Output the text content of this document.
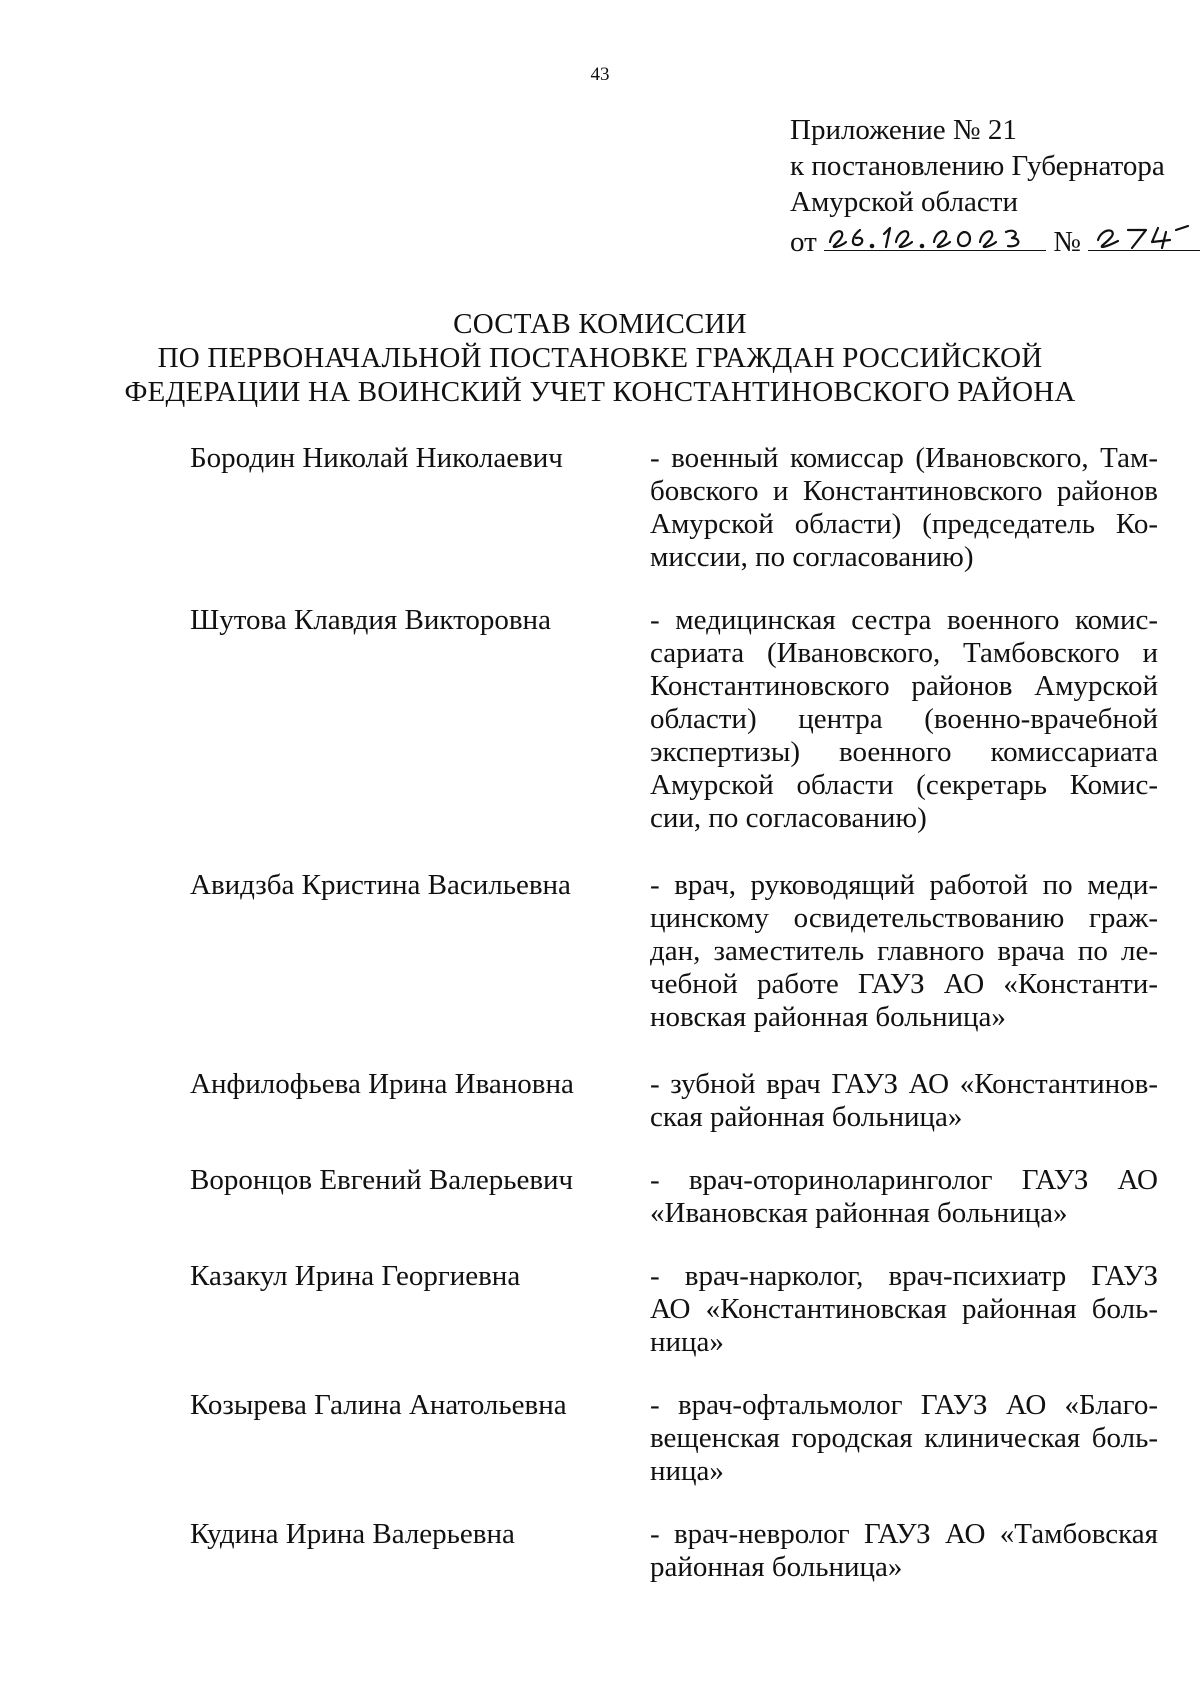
43
Приложение № 21
к постановлению Губернатора
Амурской области
от	№
СОСТАВ КОМИССИИ
ПО ПЕРВОНАЧАЛЬНОЙ ПОСТАНОВКЕ ГРАЖДАН РОССИЙСКОЙ
ФЕДЕРАЦИИ НА ВОИНСКИЙ УЧЕТ КОНСТАНТИНОВСКОГО РАЙОНА
Бородин Николай Николаевич	- военный комиссар (Ивановского, Там-
бовского и Константиновского районов
Амурской области) (председатель Ко-
миссии, по согласованию)
Шутова Клавдия Викторовна	- медицинская сестра военного комис-
сариата (Ивановского, Тамбовского и
Константиновского районов Амурской
области) центра (военно-врачебной
экспертизы) военного комиссариата
Амурской области (секретарь Комис-
сии, по согласованию)
Авидзба Кристина Васильевна	- врач, руководящий работой по меди-
цинскому освидетельствованию граж-
дан, заместитель главного врача по ле-
чебной работе ГАУЗ АО «Константи-
новская районная больница»
Анфилофьева Ирина Ивановна	- зубной врач ГАУЗ АО «Константинов-
ская районная больница»
Воронцов Евгений Валерьевич	- врач-оториноларинголог ГАУЗ АО
«Ивановская районная больница»
Казакул Ирина Георгиевна	- врач-нарколог, врач-психиатр ГАУЗ
АО «Константиновская районная боль-
ница»
Козырева Галина Анатольевна	- врач-офтальмолог ГАУЗ АО «Благо-
вещенская городская клиническая боль-
ница»
Кудина Ирина Валерьевна	- врач-невролог ГАУЗ АО «Тамбовская
районная больница»
